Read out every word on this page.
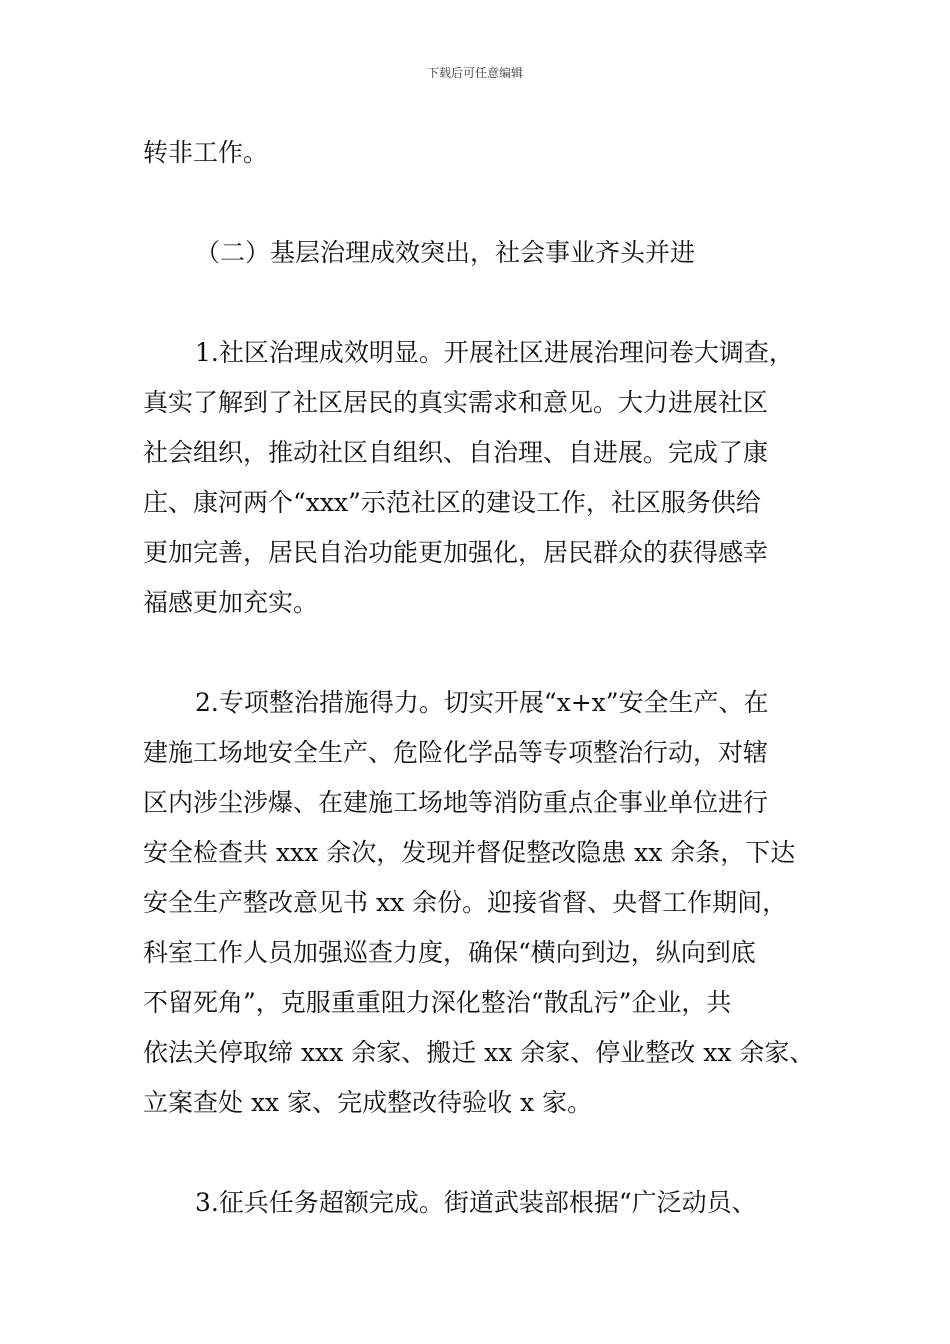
下载后可任意编辑

转非工作。

（二）基层治理成效突出，社会事业齐头并进

1.社区治理成效明显。开展社区进展治理问卷大调查，

真实了解到了社区居民的真实需求和意见。大力进展社区

社会组织，推动社区自组织、自治理、自进展。完成了康

庄、康河两个“xxx”示范社区的建设工作，社区服务供给

更加完善，居民自治功能更加强化，居民群众的获得感幸

福感更加充实。

2.专项整治措施得力。切实开展“x+x”安全生产、在

建施工场地安全生产、危险化学品等专项整治行动，对辖

区内涉尘涉爆、在建施工场地等消防重点企事业单位进行

安全检查共 xxx 余次，发现并督促整改隐患 xx 余条，下达

安全生产整改意见书 xx 余份。迎接省督、央督工作期间，

科室工作人员加强巡查力度，确保“横向到边，纵向到底

不留死角”，克服重重阻力深化整治“散乱污”企业，共

依法关停取缔 xxx 余家、搬迁 xx 余家、停业整改 xx 余家、

立案查处 xx 家、完成整改待验收 x 家。

3.征兵任务超额完成。街道武装部根据“广泛动员、
